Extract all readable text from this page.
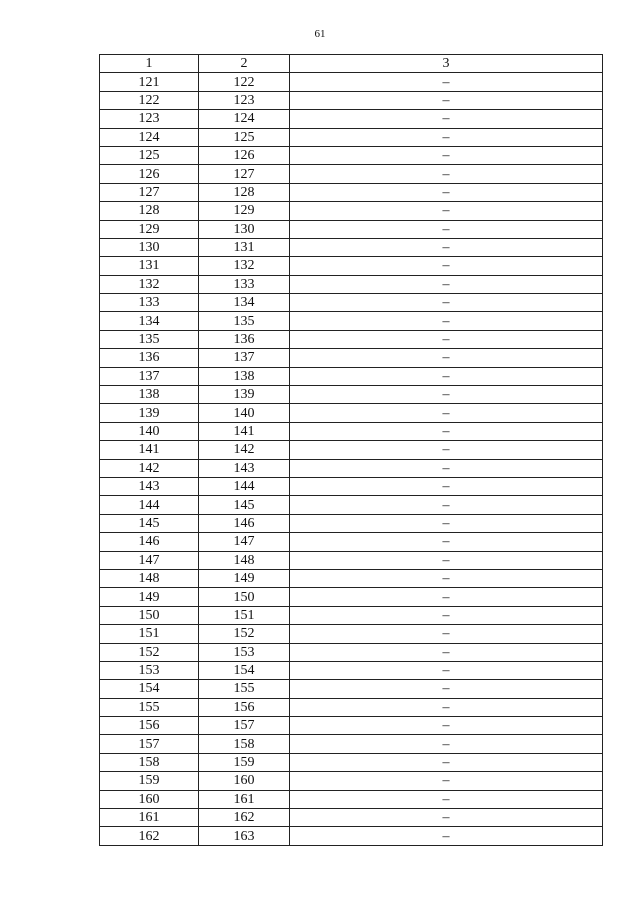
61
1	2	3
121	122	–
122	123	–
123	124	–
124	125	–
125	126	–
126	127	–
127	128	–
128	129	–
129	130	–
130	131	–
131	132	–
132	133	–
133	134	–
134	135	–
135	136	–
136	137	–
137	138	–
138	139	–
139	140	–
140	141	–
141	142	–
142	143	–
143	144	–
144	145	–
145	146	–
146	147	–
147	148	–
148	149	–
149	150	–
150	151	–
151	152	–
152	153	–
153	154	–
154	155	–
155	156	–
156	157	–
157	158	–
158	159	–
159	160	–
160	161	–
161	162	–
162	163	–
